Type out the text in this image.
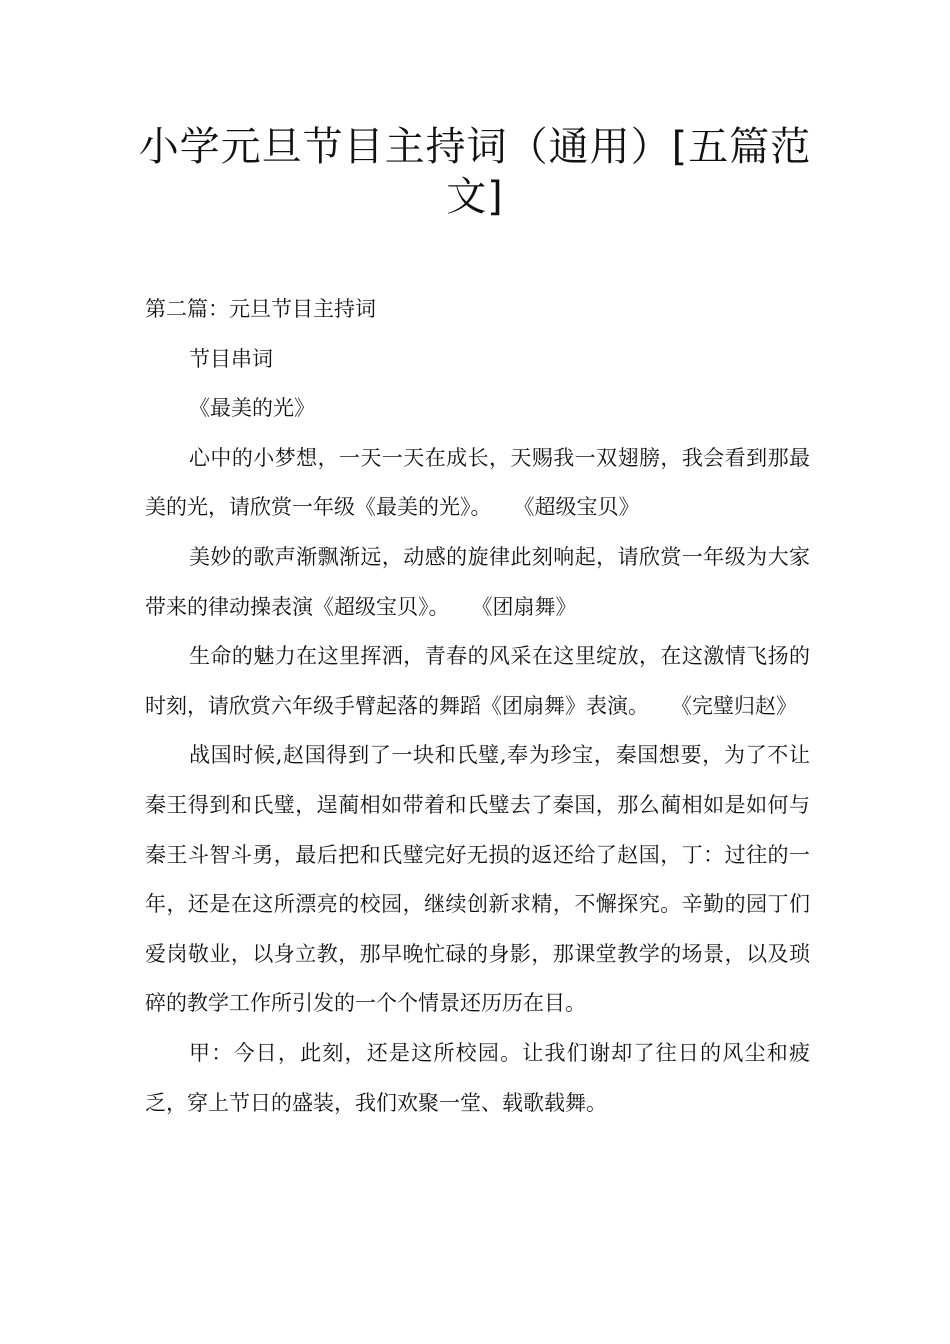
小学元旦节目主持词（通用）[五篇范文]

第二篇：元旦节目主持词

节目串词

《最美的光》

心中的小梦想，一天一天在成长，天赐我一双翅膀，我会看到那最美的光，请欣赏一年级《最美的光》。 《超级宝贝》

美妙的歌声渐飘渐远，动感的旋律此刻响起，请欣赏一年级为大家带来的律动操表演《超级宝贝》。 《团扇舞》

生命的魅力在这里挥洒，青春的风采在这里绽放，在这激情飞扬的时刻，请欣赏六年级手臂起落的舞蹈《团扇舞》表演。 《完璧归赵》

战国时候,赵国得到了一块和氏璧,奉为珍宝，秦国想要，为了不让秦王得到和氏璧，逞蔺相如带着和氏璧去了秦国，那么蔺相如是如何与秦王斗智斗勇，最后把和氏璧完好无损的返还给了赵国，丁：过往的一年，还是在这所漂亮的校园，继续创新求精，不懈探究。辛勤的园丁们爱岗敬业，以身立教，那早晚忙碌的身影，那课堂教学的场景，以及琐碎的教学工作所引发的一个个情景还历历在目。

甲：今日，此刻，还是这所校园。让我们谢却了往日的风尘和疲乏，穿上节日的盛装，我们欢聚一堂、载歌载舞。
